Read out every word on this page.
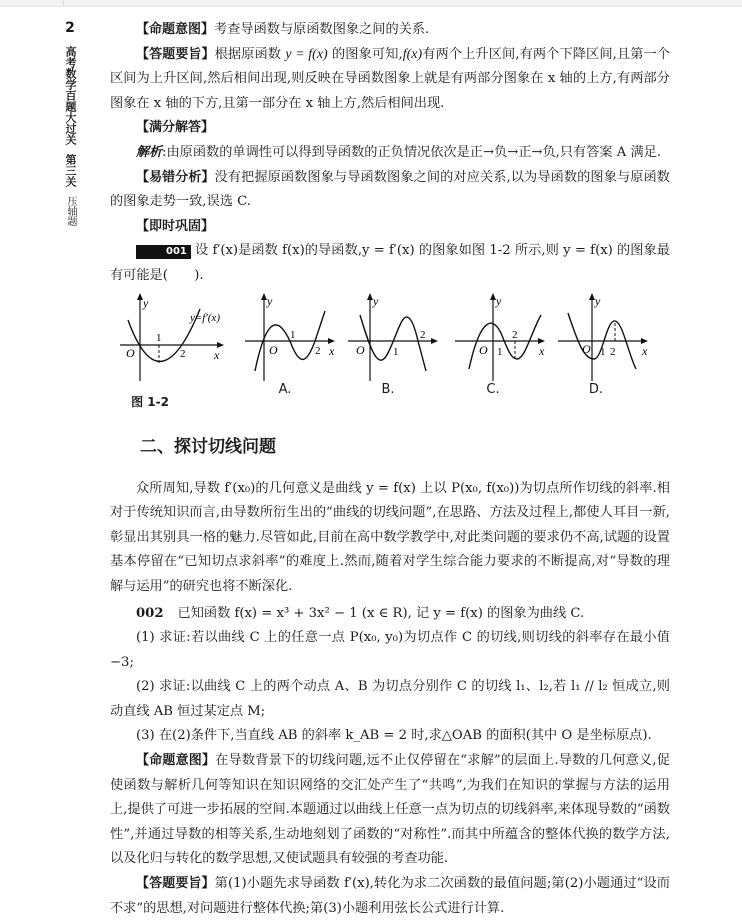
2
高考数学百题大过关
第三关
压轴题

【命题意图】考查导函数与原函数图象之间的关系.

【答题要旨】根据原函数 y = f(x) 的图象可知,f(x)有两个上升区间,有两个下降区间,且第一个区间为上升区间,然后相间出现,则反映在导函数图象上就是有两部分图象在 x 轴的上方,有两部分图象在 x 轴的下方,且第一部分在 x 轴上方,然后相间出现.

【满分解答】

解析:由原函数的单调性可以得到导函数的正负情况依次是正→负→正→负,只有答案 A 满足.

【易错分析】没有把握原函数图象与导函数图象之间的对应关系,以为导函数的图象与原函数的图象走势一致,误选 C.

【即时巩固】

001 设 f′(x)是函数 f(x)的导函数,y = f′(x) 的图象如图 1-2 所示,则 y = f(x) 的图象最有可能是(　　).

y
y=f′(x)
O
1
2 x
图 1-2
y
O
1
2 x
A.
y
O	1
2
B.
y
O 1
2
x
C.
y
O 1 2 x
D.
二、探讨切线问题

众所周知,导数 f′(x₀)的几何意义是曲线 y = f(x) 上以 P(x₀, f(x₀))为切点所作切线的斜率.相对于传统知识而言,由导数所衍生出的“曲线的切线问题”,在思路、方法及过程上,都使人耳目一新,彰显出其别具一格的魅力.尽管如此,目前在高中数学教学中,对此类问题的要求仍不高,试题的设置基本停留在“已知切点求斜率”的难度上.然而,随着对学生综合能力要求的不断提高,对“导数的理解与运用”的研究也将不断深化.

002 已知函数 f(x) = x³ + 3x² − 1 (x ∈ R), 记 y = f(x) 的图象为曲线 C.

(1) 求证:若以曲线 C 上的任意一点 P(x₀, y₀)为切点作 C 的切线,则切线的斜率存在最小值−3;

(2) 求证:以曲线 C 上的两个动点 A、B 为切点分别作 C 的切线 l₁、l₂,若 l₁ // l₂ 恒成立,则动直线 AB 恒过某定点 M;

(3) 在(2)条件下,当直线 AB 的斜率 k_AB = 2 时,求△OAB 的面积(其中 O 是坐标原点).

【命题意图】在导数背景下的切线问题,远不止仅停留在“求解”的层面上.导数的几何意义,促使函数与解析几何等知识在知识网络的交汇处产生了“共鸣”,为我们在知识的掌握与方法的运用上,提供了可进一步拓展的空间.本题通过以曲线上任意一点为切点的切线斜率,来体现导数的“函数性”,并通过导数的相等关系,生动地刻划了函数的“对称性”.而其中所蕴含的整体代换的数学方法,以及化归与转化的数学思想,又使试题具有较强的考查功能.

【答题要旨】第(1)小题先求导函数 f′(x),转化为求二次函数的最值问题;第(2)小题通过“设而不求”的思想,对问题进行整体代换;第(3)小题利用弦长公式进行计算.
